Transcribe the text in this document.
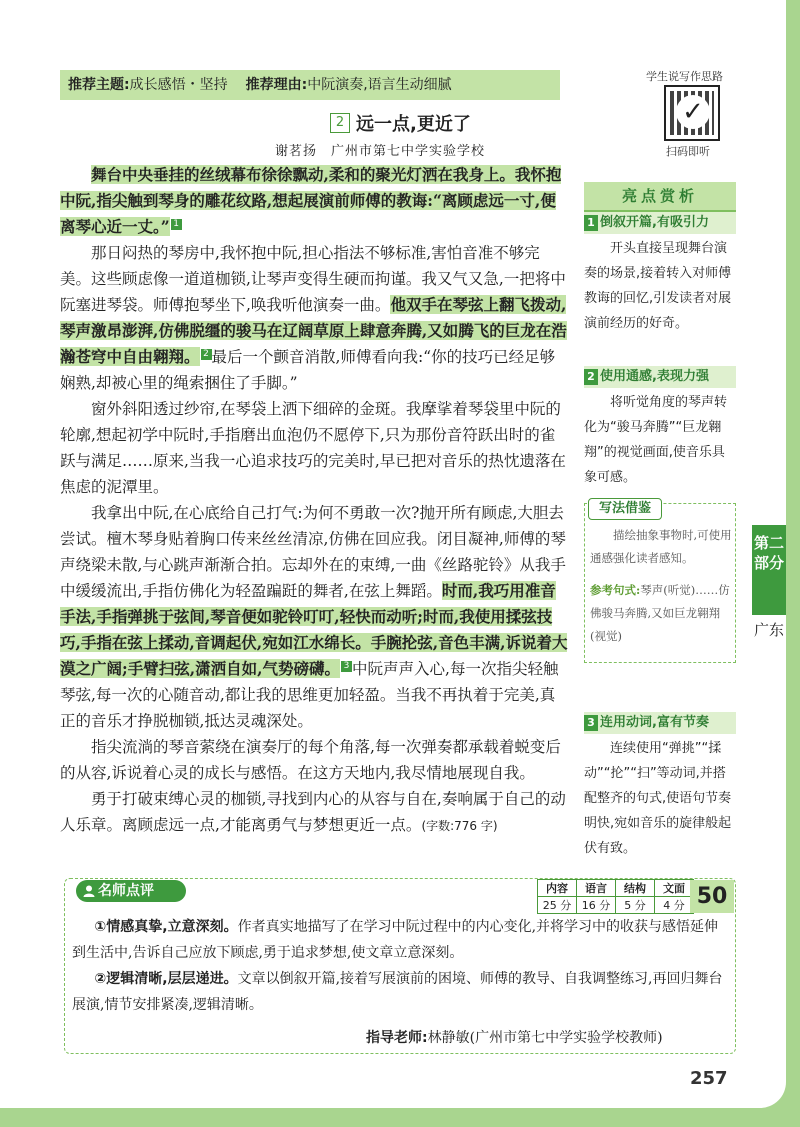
推荐主题:成长感悟・坚持 推荐理由:中阮演奏,语言生动细腻
学生说写作思路
✓
扫码即听
2 远一点,更近了
谢茗扬 广州市第七中学实验学校

舞台中央垂挂的丝绒幕布徐徐飘动,柔和的聚光灯洒在我身上。我怀抱中阮,指尖触到琴身的雕花纹路,想起展演前师傅的教诲:“离顾虑远一寸,便离琴心近一丈。” 1

那日闷热的琴房中,我怀抱中阮,担心指法不够标准,害怕音准不够完美。这些顾虑像一道道枷锁,让琴声变得生硬而拘谨。我又气又急,一把将中阮塞进琴袋。师傅抱琴坐下,唤我听他演奏一曲。他双手在琴弦上翻飞拨动,琴声激昂澎湃,仿佛脱缰的骏马在辽阔草原上肆意奔腾,又如腾飞的巨龙在浩瀚苍穹中自由翱翔。 2 最后一个颤音消散,师傅看向我:“你的技巧已经足够娴熟,却被心里的绳索捆住了手脚。”

窗外斜阳透过纱帘,在琴袋上洒下细碎的金斑。我摩挲着琴袋里中阮的轮廓,想起初学中阮时,手指磨出血泡仍不愿停下,只为那份音符跃出时的雀跃与满足……原来,当我一心追求技巧的完美时,早已把对音乐的热忱遗落在焦虑的泥潭里。

我拿出中阮,在心底给自己打气:为何不勇敢一次?抛开所有顾虑,大胆去尝试。檀木琴身贴着胸口传来丝丝清凉,仿佛在回应我。闭目凝神,师傅的琴声绕梁未散,与心跳声渐渐合拍。忘却外在的束缚,一曲《丝路驼铃》从我手中缓缓流出,手指仿佛化为轻盈蹁跹的舞者,在弦上舞蹈。时而,我巧用准音手法,手指弹挑于弦间,琴音便如驼铃叮叮,轻快而动听;时而,我使用揉弦技巧,手指在弦上揉动,音调起伏,宛如江水绵长。手腕抡弦,音色丰满,诉说着大漠之广阔;手臂扫弦,潇洒自如,气势磅礴。 3 中阮声声入心,每一次指尖轻触琴弦,每一次的心随音动,都让我的思维更加轻盈。当我不再执着于完美,真正的音乐才挣脱枷锁,抵达灵魂深处。

指尖流淌的琴音萦绕在演奏厅的每个角落,每一次弹奏都承载着蜕变后的从容,诉说着心灵的成长与感悟。在这方天地内,我尽情地展现自我。

勇于打破束缚心灵的枷锁,寻找到内心的从容与自在,奏响属于自己的动人乐章。离顾虑远一点,才能离勇气与梦想更近一点。(字数:776 字)

亮点赏析
1 倒叙开篇,有吸引力
开头直接呈现舞台演奏的场景,接着转入对师傅教诲的回忆,引发读者对展演前经历的好奇。
2 使用通感,表现力强
将听觉角度的琴声转化为“骏马奔腾”“巨龙翱翔”的视觉画面,使音乐具象可感。
写法借鉴
描绘抽象事物时,可使用通感强化读者感知。
参考句式:琴声(听觉)……仿佛骏马奔腾,又如巨龙翱翔(视觉)
3 连用动词,富有节奏
连续使用“弹挑”“揉动”“抡”“扫”等动词,并搭配整齐的句式,使语句节奏明快,宛如音乐的旋律般起伏有致。
第二部分
广东
名师点评	内容	语言	结构	文面
25 分	16 分	5 分	4 分 50

①情感真挚,立意深刻。作者真实地描写了在学习中阮过程中的内心变化,并将学习中的收获与感悟延伸到生活中,告诉自己应放下顾虑,勇于追求梦想,使文章立意深刻。

②逻辑清晰,层层递进。文章以倒叙开篇,接着写展演前的困境、师傅的教导、自我调整练习,再回归舞台展演,情节安排紧凑,逻辑清晰。

指导老师:林静敏(广州市第七中学实验学校教师)
257
